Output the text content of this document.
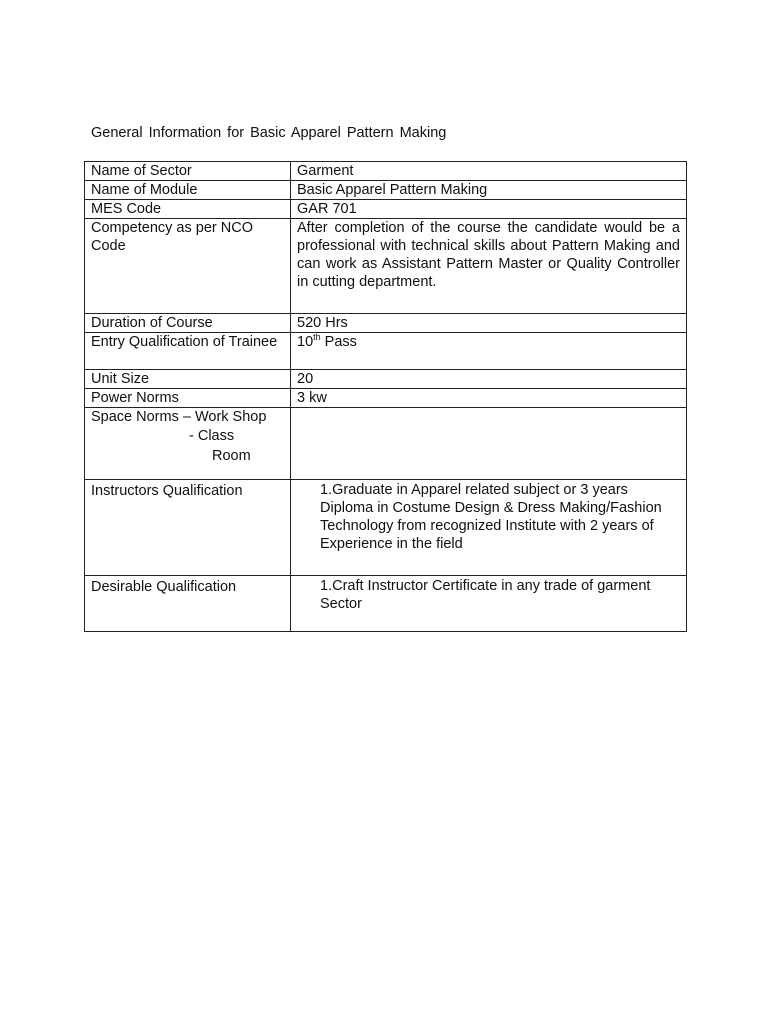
General Information for Basic Apparel Pattern Making
Name of Sector	Garment
Name of Module	Basic Apparel Pattern Making
MES Code	GAR 701
Competency as per NCO Code	After completion of the course the candidate would be a professional with technical skills about Pattern Making and can work as Assistant Pattern Master or Quality Controller in cutting department.
Duration of Course	520 Hrs
Entry Qualification of Trainee	10th Pass
Unit Size	20
Power Norms	3 kw
Space Norms – Work Shop
- Class
Room	

Instructors Qualification	1.Graduate in Apparel related subject or 3 years Diploma in Costume Design & Dress Making/Fashion Technology from recognized Institute with 2 years of Experience in the field
Desirable Qualification	1.Craft Instructor Certificate in any trade of garment Sector
